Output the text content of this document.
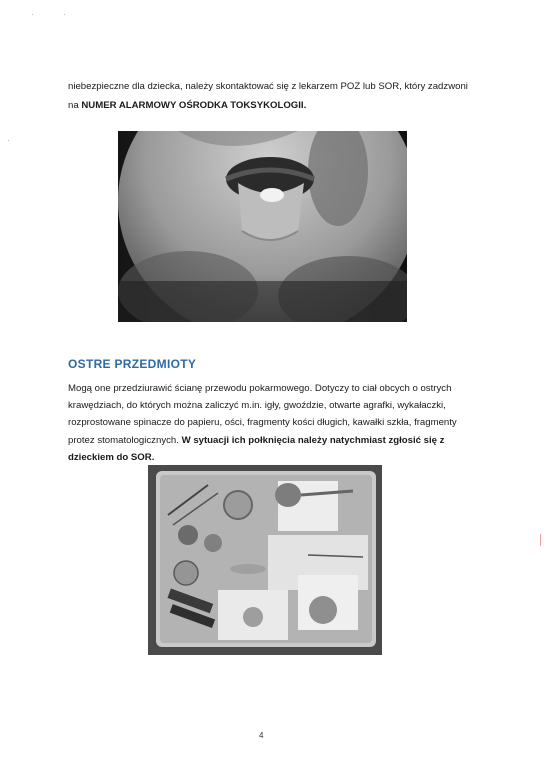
niebezpieczne dla dziecka, należy skontaktować się z lekarzem POZ lub SOR, który zadzwoni
na NUMER ALARMOWY OŚRODKA TOKSYKOLOGII.
OSTRE PRZEDMIOTY
Mogą one przedziurawić ścianę przewodu pokarmowego. Dotyczy to ciał obcych o ostrych krawędziach, do których można zaliczyć m.in. igły, gwoździe, otwarte agrafki, wykałaczki, rozprostowane spinacze do papieru, ości, fragmenty kości długich, kawałki szkła, fragmenty protez stomatologicznych. W sytuacji ich połknięcia należy natychmiast zgłosić się z dzieckiem do SOR.
4
